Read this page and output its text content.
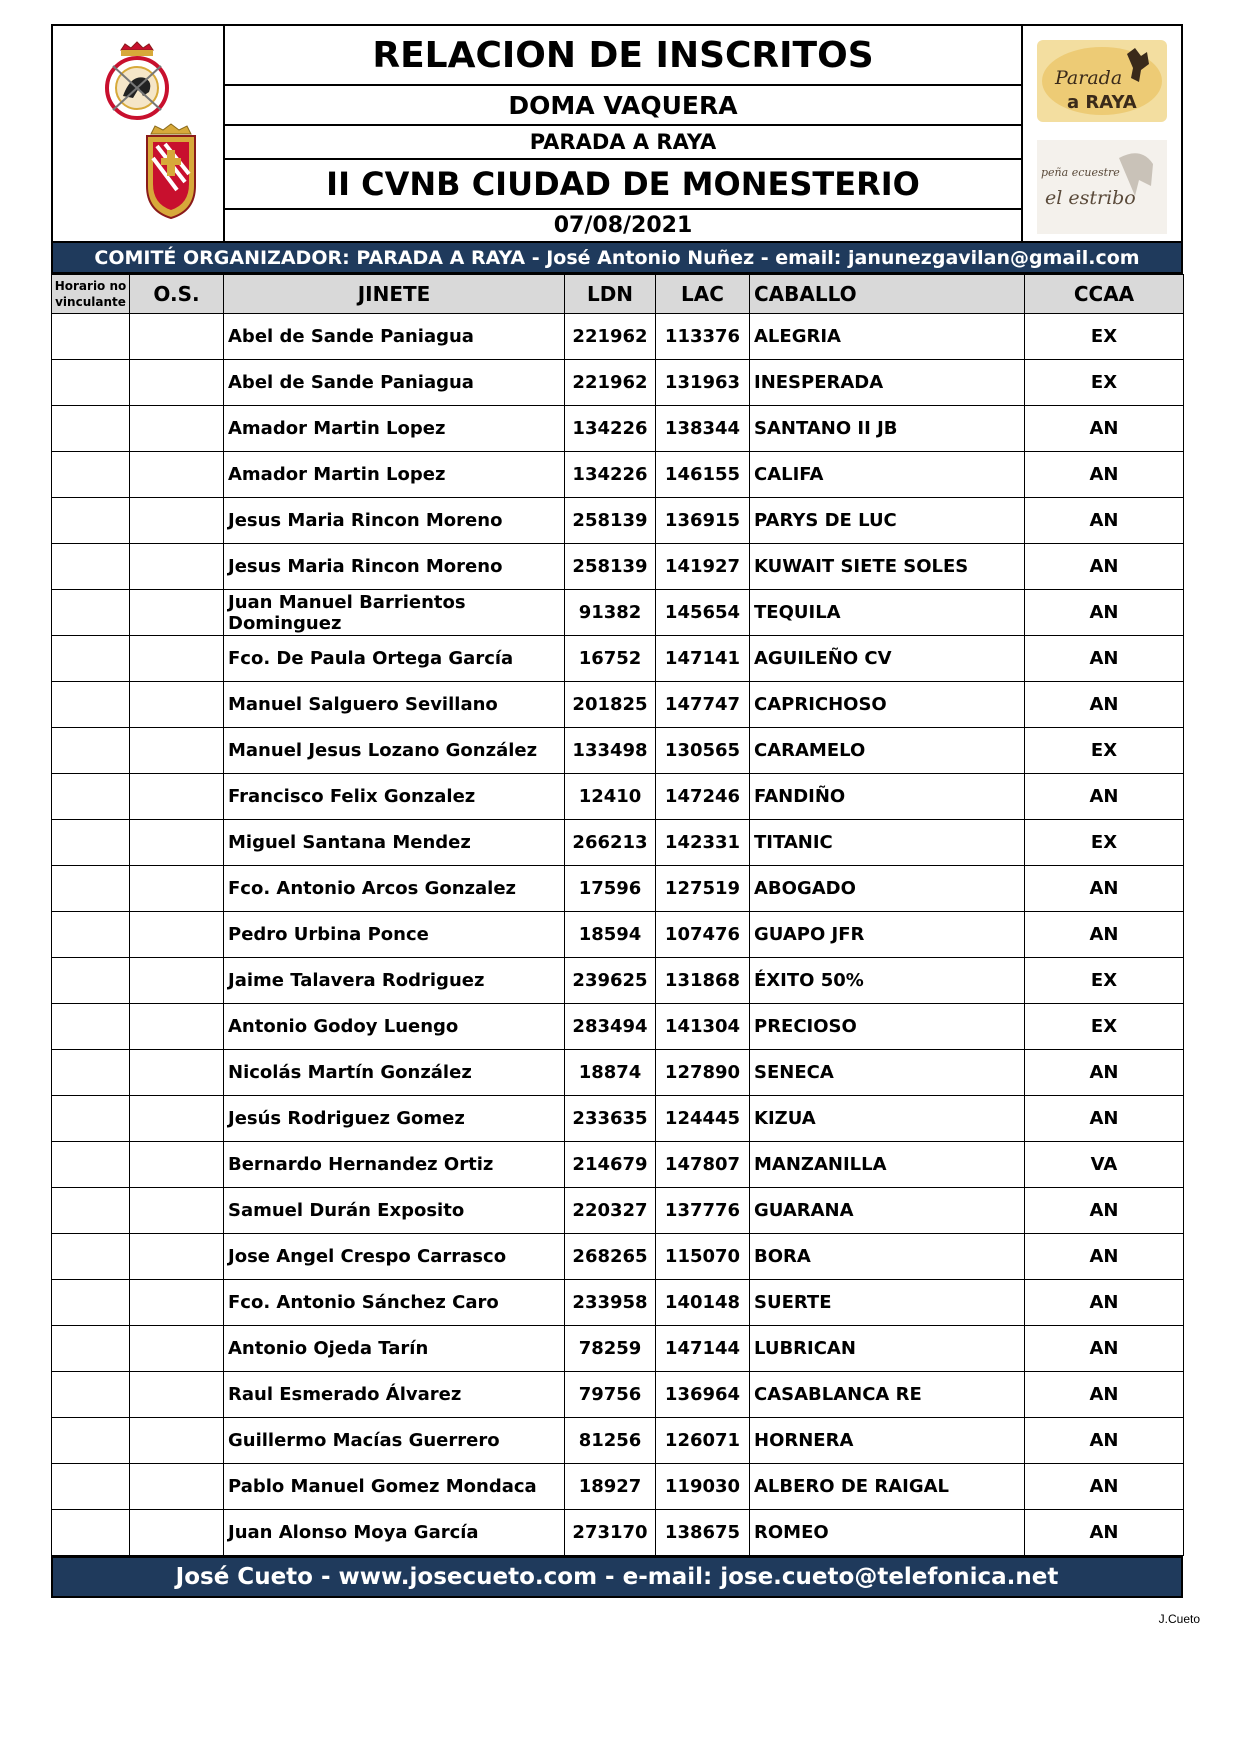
RELACION DE INSCRITOS
DOMA VAQUERA
PARADA A RAYA
II CVNB CIUDAD DE MONESTERIO
07/08/2021
Parada
a RAYA
peña ecuestre
el estribo
COMITÉ ORGANIZADOR: PARADA A RAYA - José Antonio Nuñez - email: janunezgavilan@gmail.com
Horario no vinculante	O.S.	JINETE	LDN	LAC	CABALLO	CCAA
		Abel de Sande Paniagua	221962	113376	ALEGRIA	EX
		Abel de Sande Paniagua	221962	131963	INESPERADA	EX
		Amador Martin Lopez	134226	138344	SANTANO II JB	AN
		Amador Martin Lopez	134226	146155	CALIFA	AN
		Jesus Maria Rincon Moreno	258139	136915	PARYS DE LUC	AN
		Jesus Maria Rincon Moreno	258139	141927	KUWAIT SIETE SOLES	AN
		Juan Manuel Barrientos Dominguez	91382	145654	TEQUILA	AN
		Fco. De Paula Ortega García	16752	147141	AGUILEÑO CV	AN
		Manuel Salguero Sevillano	201825	147747	CAPRICHOSO	AN
		Manuel Jesus Lozano González	133498	130565	CARAMELO	EX
		Francisco Felix Gonzalez	12410	147246	FANDIÑO	AN
		Miguel Santana Mendez	266213	142331	TITANIC	EX
		Fco. Antonio Arcos Gonzalez	17596	127519	ABOGADO	AN
		Pedro Urbina Ponce	18594	107476	GUAPO JFR	AN
		Jaime Talavera Rodriguez	239625	131868	ÉXITO 50%	EX
		Antonio Godoy Luengo	283494	141304	PRECIOSO	EX
		Nicolás Martín González	18874	127890	SENECA	AN
		Jesús Rodriguez Gomez	233635	124445	KIZUA	AN
		Bernardo Hernandez Ortiz	214679	147807	MANZANILLA	VA
		Samuel Durán Exposito	220327	137776	GUARANA	AN
		Jose Angel Crespo Carrasco	268265	115070	BORA	AN
		Fco. Antonio Sánchez Caro	233958	140148	SUERTE	AN
		Antonio Ojeda Tarín	78259	147144	LUBRICAN	AN
		Raul Esmerado Álvarez	79756	136964	CASABLANCA RE	AN
		Guillermo Macías Guerrero	81256	126071	HORNERA	AN
		Pablo Manuel Gomez Mondaca	18927	119030	ALBERO DE RAIGAL	AN
		Juan Alonso Moya García	273170	138675	ROMEO	AN
José Cueto - www.josecueto.com - e-mail: jose.cueto@telefonica.net
J.Cueto
